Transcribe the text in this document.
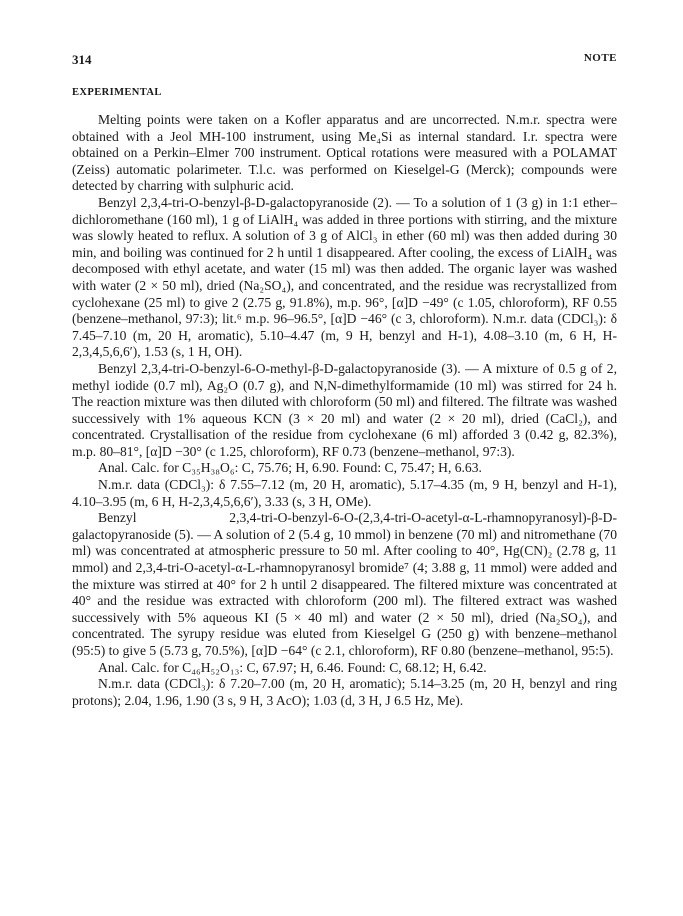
314	NOTE
EXPERIMENTAL

Melting points were taken on a Kofler apparatus and are uncorrected. N.m.r. spectra were obtained with a Jeol MH-100 instrument, using Me₄Si as internal standard. I.r. spectra were obtained on a Perkin–Elmer 700 instrument. Optical rotations were measured with a POLAMAT (Zeiss) automatic polarimeter. T.l.c. was performed on Kieselgel-G (Merck); compounds were detected by charring with sulphuric acid.

Benzyl 2,3,4-tri-O-benzyl-β-D-galactopyranoside (2). — To a solution of 1 (3 g) in 1:1 ether–dichloromethane (160 ml), 1 g of LiAlH₄ was added in three portions with stirring, and the mixture was slowly heated to reflux. A solution of 3 g of AlCl₃ in ether (60 ml) was then added during 30 min, and boiling was continued for 2 h until 1 disappeared. After cooling, the excess of LiAlH₄ was decomposed with ethyl acetate, and water (15 ml) was then added. The organic layer was washed with water (2 × 50 ml), dried (Na₂SO₄), and concentrated, and the residue was recrystallized from cyclohexane (25 ml) to give 2 (2.75 g, 91.8%), m.p. 96°, [α]D −49° (c 1.05, chloroform), RF 0.55 (benzene–methanol, 97:3); lit.⁶ m.p. 96–96.5°, [α]D −46° (c 3, chloroform). N.m.r. data (CDCl₃): δ 7.45–7.10 (m, 20 H, aromatic), 5.10–4.47 (m, 9 H, benzyl and H-1), 4.08–3.10 (m, 6 H, H-2,3,4,5,6,6′), 1.53 (s, 1 H, OH).

Benzyl 2,3,4-tri-O-benzyl-6-O-methyl-β-D-galactopyranoside (3). — A mixture of 0.5 g of 2, methyl iodide (0.7 ml), Ag₂O (0.7 g), and N,N-dimethylformamide (10 ml) was stirred for 24 h. The reaction mixture was then diluted with chloroform (50 ml) and filtered. The filtrate was washed successively with 1% aqueous KCN (3 × 20 ml) and water (2 × 20 ml), dried (CaCl₂), and concentrated. Crystallisation of the residue from cyclohexane (6 ml) afforded 3 (0.42 g, 82.3%), m.p. 80–81°, [α]D −30° (c 1.25, chloroform), RF 0.73 (benzene–methanol, 97:3).

Anal. Calc. for C₃₅H₃₈O₆: C, 75.76; H, 6.90. Found: C, 75.47; H, 6.63.

N.m.r. data (CDCl₃): δ 7.55–7.12 (m, 20 H, aromatic), 5.17–4.35 (m, 9 H, benzyl and H-1), 4.10–3.95 (m, 6 H, H-2,3,4,5,6,6′), 3.33 (s, 3 H, OMe).

Benzyl 2,3,4-tri-O-benzyl-6-O-(2,3,4-tri-O-acetyl-α-L-rhamnopyranosyl)-β-D-galactopyranoside (5). — A solution of 2 (5.4 g, 10 mmol) in benzene (70 ml) and nitromethane (70 ml) was concentrated at atmospheric pressure to 50 ml. After cooling to 40°, Hg(CN)₂ (2.78 g, 11 mmol) and 2,3,4-tri-O-acetyl-α-L-rhamnopyranosyl bromide⁷ (4; 3.88 g, 11 mmol) were added and the mixture was stirred at 40° for 2 h until 2 disappeared. The filtered mixture was concentrated at 40° and the residue was extracted with chloroform (200 ml). The filtered extract was washed successively with 5% aqueous KI (5 × 40 ml) and water (2 × 50 ml), dried (Na₂SO₄), and concentrated. The syrupy residue was eluted from Kieselgel G (250 g) with benzene–methanol (95:5) to give 5 (5.73 g, 70.5%), [α]D −64° (c 2.1, chloroform), RF 0.80 (benzene–methanol, 95:5).

Anal. Calc. for C₄₆H₅₂O₁₃: C, 67.97; H, 6.46. Found: C, 68.12; H, 6.42.

N.m.r. data (CDCl₃): δ 7.20–7.00 (m, 20 H, aromatic); 5.14–3.25 (m, 20 H, benzyl and ring protons); 2.04, 1.96, 1.90 (3 s, 9 H, 3 AcO); 1.03 (d, 3 H, J 6.5 Hz, Me).
